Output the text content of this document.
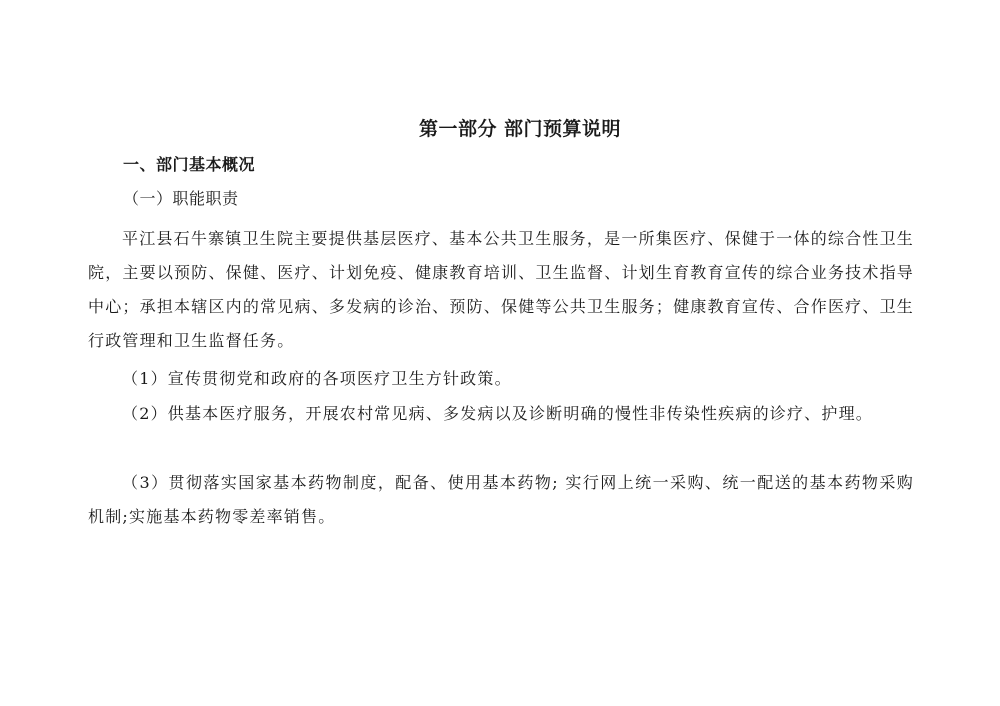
第一部分 部门预算说明
一、部门基本概况
（一）职能职责

平江县石牛寨镇卫生院主要提供基层医疗、基本公共卫生服务，是一所集医疗、保健于一体的综合性卫生院，主要以预防、保健、医疗、计划免疫、健康教育培训、卫生监督、计划生育教育宣传的综合业务技术指导中心；承担本辖区内的常见病、多发病的诊治、预防、保健等公共卫生服务；健康教育宣传、合作医疗、卫生行政管理和卫生监督任务。

（1）宣传贯彻党和政府的各项医疗卫生方针政策。

（2）供基本医疗服务，开展农村常见病、多发病以及诊断明确的慢性非传染性疾病的诊疗、护理。

（3）贯彻落实国家基本药物制度，配备、使用基本药物; 实行网上统一采购、统一配送的基本药物采购机制;实施基本药物零差率销售。
